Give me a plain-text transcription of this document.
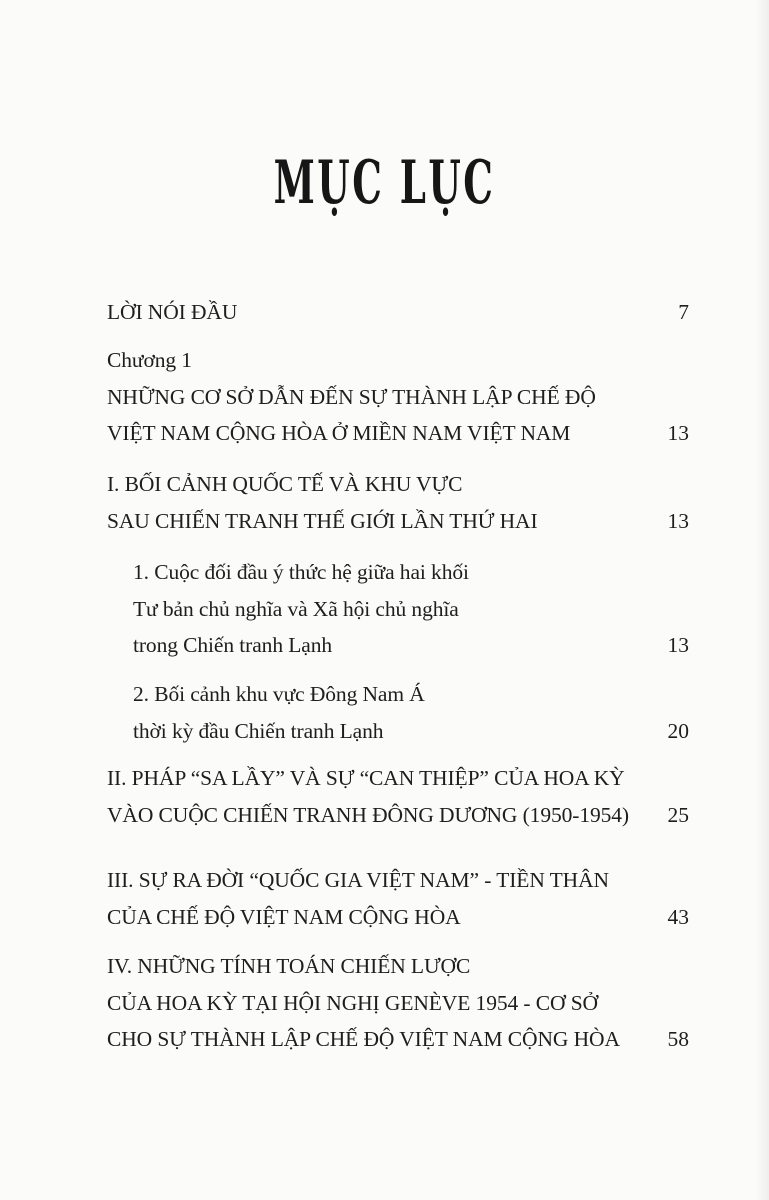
MỤC LỤC
LỜI NÓI ĐẦU	7
Chương 1
NHỮNG CƠ SỞ DẪN ĐẾN SỰ THÀNH LẬP CHẾ ĐỘ
VIỆT NAM CỘNG HÒA Ở MIỀN NAM VIỆT NAM	13
I. BỐI CẢNH QUỐC TẾ VÀ KHU VỰC
SAU CHIẾN TRANH THẾ GIỚI LẦN THỨ HAI	13
1. Cuộc đối đầu ý thức hệ giữa hai khối
Tư bản chủ nghĩa và Xã hội chủ nghĩa
trong Chiến tranh Lạnh	13
2. Bối cảnh khu vực Đông Nam Á
thời kỳ đầu Chiến tranh Lạnh	20
II. PHÁP “SA LẦY” VÀ SỰ “CAN THIỆP” CỦA HOA KỲ
VÀO CUỘC CHIẾN TRANH ĐÔNG DƯƠNG (1950-1954)	25
III. SỰ RA ĐỜI “QUỐC GIA VIỆT NAM” - TIỀN THÂN
CỦA CHẾ ĐỘ VIỆT NAM CỘNG HÒA	43
IV. NHỮNG TÍNH TOÁN CHIẾN LƯỢC
CỦA HOA KỲ TẠI HỘI NGHỊ GENÈVE 1954 - CƠ SỞ
CHO SỰ THÀNH LẬP CHẾ ĐỘ VIỆT NAM CỘNG HÒA	58
